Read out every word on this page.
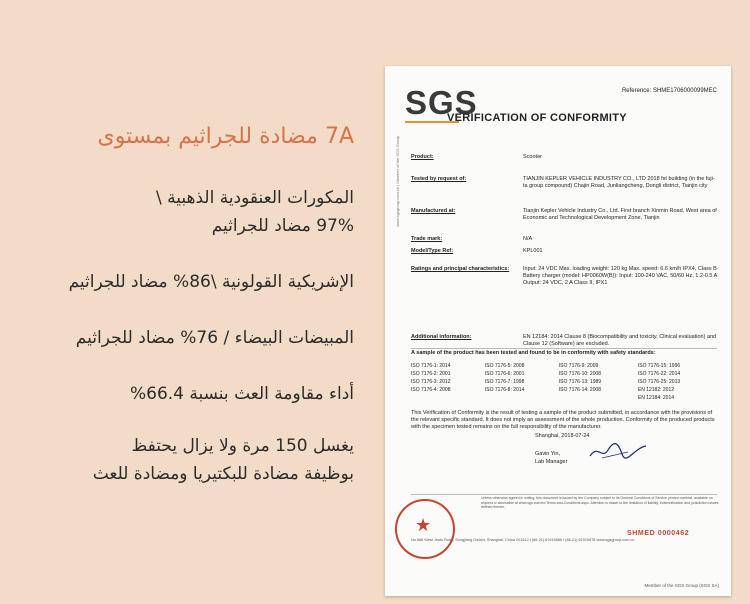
7A مضادة للجراثيم بمستوى
المكورات العنقودية الذهبية \
97% مضاد للجراثيم
الإشريكية القولونية \86% مضاد للجراثيم
المبيضات البيضاء / 76% مضاد للجراثيم
أداء مقاومة العث بنسبة 66.4%
يغسل 150 مرة ولا يزال يحتفظ
بوظيفة مضادة للبكتيريا ومضادة للعث
SGS	Reference: SHME1706000099MEC
VERIFICATION OF CONFORMITY
www.sgsgroup.com.cn | Member of the SGS Group	Product:	Scooter
Tested by request of:	TIANJIN KEPLER VEHICLE INDUSTRY CO., LTD 2018 fst building (in the fuji-ta group compound) Chajin Road, Junliangcheng, Dongli district, Tianjin city
Manufactured at:	Tianjin Kepler Vehicle Industry Co., Ltd. First branch Xinmin Road, West area of Economic and Technological Development Zone, Tianjin
Trade mark:	N/A
Model/Type Ref:	KPL001
Ratings and principal characteristics:	Input: 24 VDC Max. loading weight: 120 kg Max. speed: 6.6 km/h IPX4, Class B Battery charger (model: HP0060W(B)): Input: 100-240 VAC, 50/60 Hz, 1.2-0.5 A Output: 24 VDC, 2 A Class II, IPX1
Additional information:	EN 12184: 2014 Clause 8 (Biocompatibility and toxicity, Clinical evaluation) and Clause 12 (Software) are excluded.
A sample of the product has been tested and found to be in conformity with safety standards:
ISO 7176-1: 2014	ISO 7176-5: 2008	ISO 7176-9: 2009	ISO 7176-15: 1996
ISO 7176-2: 2001	ISO 7176-6: 2001	ISO 7176-10: 2008	ISO 7176-22: 2014
ISO 7176-3: 2012	ISO 7176-7: 1998	ISO 7176-13: 1989	ISO 7176-25: 2013
ISO 7176-4: 2008	ISO 7176-8: 2014	ISO 7176-14: 2008	EN 12182: 2012
			EN 12184: 2014
This Verification of Conformity is the result of testing a sample of the product submitted, in accordance with the provisions of the relevant specific standard. It does not imply an assessment of the whole production. Conformity of the produced products with the specimen tested remains on the full responsibility of the manufacturer.
Shanghai, 2018-07-24
Gavin Yin,
Lab Manager
★
Unless otherwise agreed in writing, this document is issued by the Company subject to its General Conditions of Service printed overleaf, available on request or accessible at www.sgs.com/en/Terms-and-Conditions.aspx. Attention is drawn to the limitation of liability, indemnification and jurisdiction issues defined therein.
SHMED 0000462
No.588 West Jindu Road, Songjiang District, Shanghai, China 201612 t (86-21) 61915666 f (86-21) 61915678 www.sgsgroup.com.cn
Member of the SGS Group (SGS SA)
